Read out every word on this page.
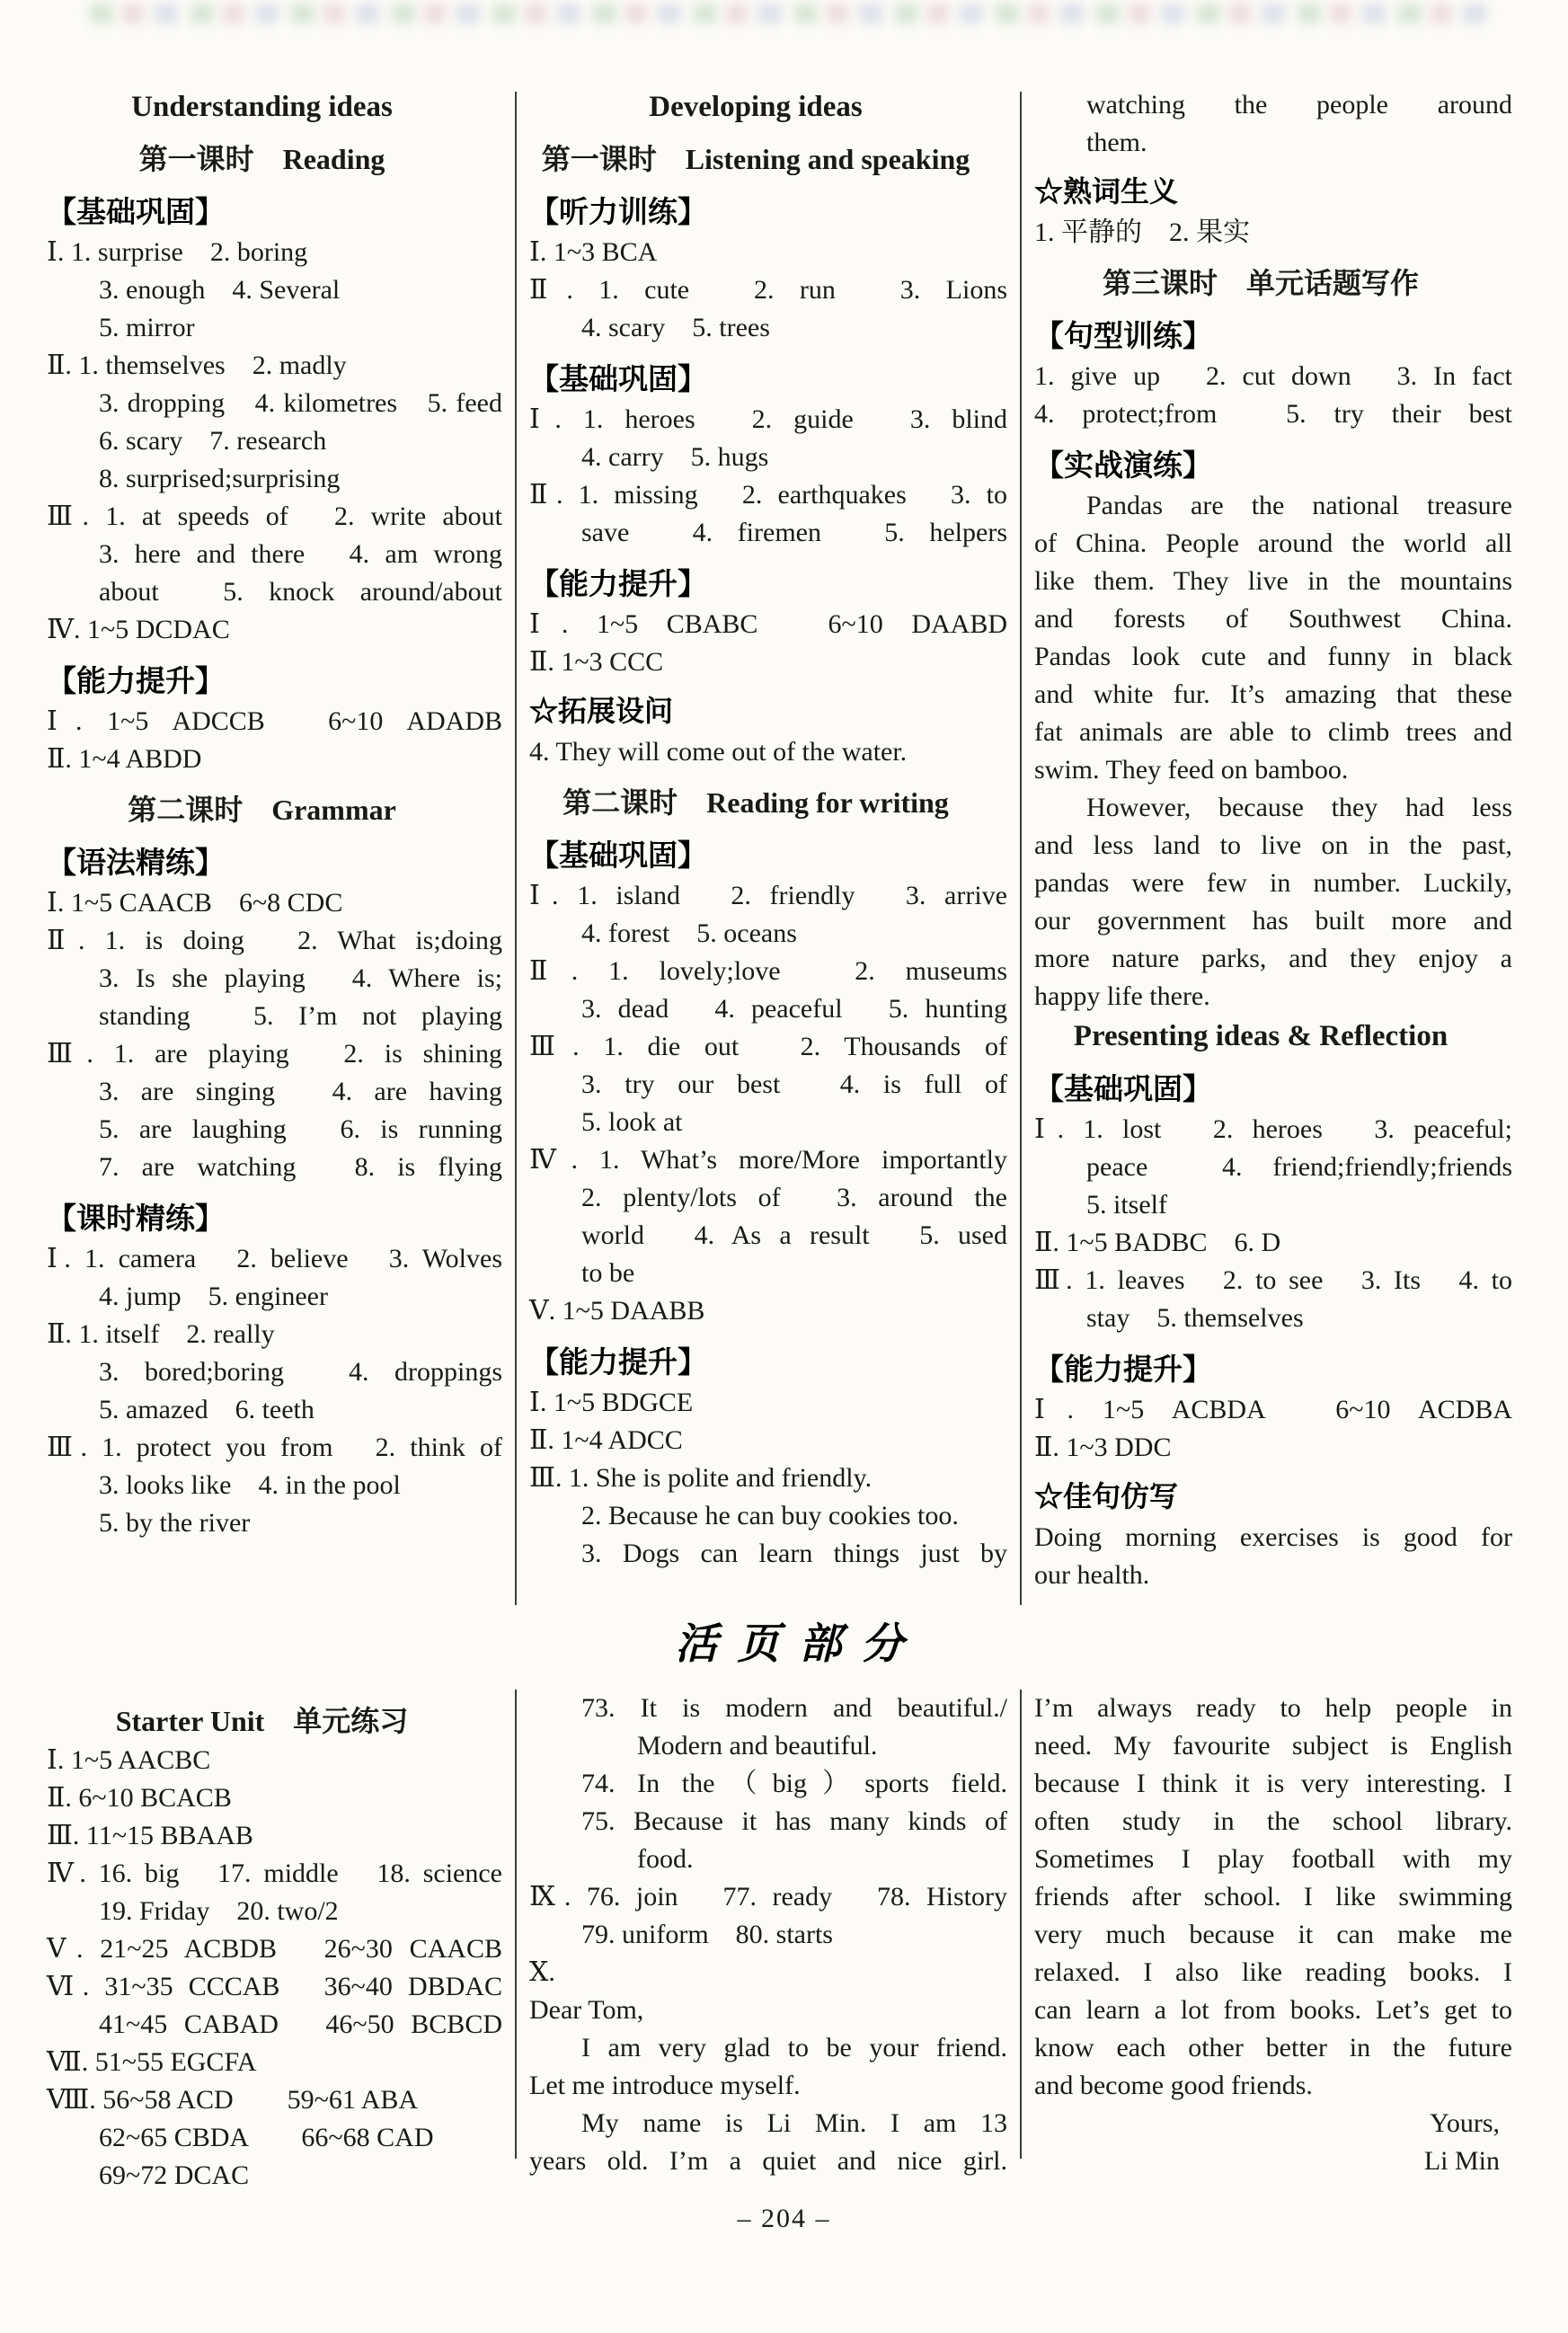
Understanding ideas
第一课时　Reading
【基础巩固】
Ⅰ. 1. surprise　2. boring
3. enough　4. Several
5. mirror
Ⅱ. 1. themselves　2. madly
3. dropping　4. kilometres　5. feed
6. scary　7. research
8. surprised;surprising
Ⅲ. 1. at speeds of　2. write about
3. here and there　4. am wrong
about　5. knock around/about
Ⅳ. 1~5 DCDAC
【能力提升】
Ⅰ. 1~5 ADCCB　6~10 ADADB
Ⅱ. 1~4 ABDD
第二课时　Grammar
【语法精练】
Ⅰ. 1~5 CAACB　6~8 CDC
Ⅱ. 1. is doing　2. What is;doing
3. Is she playing　4. Where is;
standing　5. I’m not playing
Ⅲ. 1. are playing　2. is shining
3. are singing　4. are having
5. are laughing　6. is running
7. are watching　8. is flying
【课时精练】
Ⅰ. 1. camera　2. believe　3. Wolves
4. jump　5. engineer
Ⅱ. 1. itself　2. really
3. bored;boring　4. droppings
5. amazed　6. teeth
Ⅲ. 1. protect you from　2. think of
3. looks like　4. in the pool
5. by the river
Developing ideas
第一课时　Listening and speaking
【听力训练】
Ⅰ. 1~3 BCA
Ⅱ. 1. cute　2. run　3. Lions
4. scary　5. trees
【基础巩固】
Ⅰ. 1. heroes　2. guide　3. blind
4. carry　5. hugs
Ⅱ. 1. missing　2. earthquakes　3. to
save　4. firemen　5. helpers
【能力提升】
Ⅰ. 1~5 CBABC　6~10 DAABD
Ⅱ. 1~3 CCC
☆拓展设问
4. They will come out of the water.
第二课时　Reading for writing
【基础巩固】
Ⅰ. 1. island　2. friendly　3. arrive
4. forest　5. oceans
Ⅱ. 1. lovely;love　2. museums
3. dead　4. peaceful　5. hunting
Ⅲ. 1. die out　2. Thousands of
3. try our best　4. is full of
5. look at
Ⅳ. 1. What’s more/More importantly
2. plenty/lots of　3. around the
world　4. As a result　5. used
to be
Ⅴ. 1~5 DAABB
【能力提升】
Ⅰ. 1~5 BDGCE
Ⅱ. 1~4 ADCC
Ⅲ. 1. She is polite and friendly.
2. Because he can buy cookies too.
3. Dogs can learn things just by
watching the people around
them.
☆熟词生义
1. 平静的　2. 果实
第三课时　单元话题写作
【句型训练】
1. give up　2. cut down　3. In fact
4. protect;from　5. try their best
【实战演练】
Pandas are the national treasure
of China. People around the world all
like them. They live in the mountains
and forests of Southwest China.
Pandas look cute and funny in black
and white fur. It’s amazing that these
fat animals are able to climb trees and
swim. They feed on bamboo.
However, because they had less
and less land to live on in the past,
pandas were few in number. Luckily,
our government has built more and
more nature parks, and they enjoy a
happy life there.
Presenting ideas & Reflection
【基础巩固】
Ⅰ. 1. lost　2. heroes　3. peaceful;
peace　4. friend;friendly;friends
5. itself
Ⅱ. 1~5 BADBC　6. D
Ⅲ. 1. leaves　2. to see　3. Its　4. to
stay　5. themselves
【能力提升】
Ⅰ. 1~5 ACBDA　6~10 ACDBA
Ⅱ. 1~3 DDC
☆佳句仿写
Doing morning exercises is good for
our health.
活页部分
Starter Unit　单元练习
Ⅰ. 1~5 AACBC
Ⅱ. 6~10 BCACB
Ⅲ. 11~15 BBAAB
Ⅳ. 16. big　17. middle　18. science
19. Friday　20. two/2
Ⅴ. 21~25 ACBDB　26~30 CAACB
Ⅵ. 31~35 CCCAB　36~40 DBDAC
41~45 CABAD　46~50 BCBCD
Ⅶ. 51~55 EGCFA
Ⅷ. 56~58 ACD　　59~61 ABA
62~65 CBDA　　66~68 CAD
69~72 DCAC
73. It is modern and beautiful./
Modern and beautiful.
74. In the（big）sports field.
75. Because it has many kinds of
food.
Ⅸ. 76. join　77. ready　78. History
79. uniform　80. starts
Ⅹ.
Dear Tom,
I am very glad to be your friend.
Let me introduce myself.
My name is Li Min. I am 13
years old. I’m a quiet and nice girl.
I’m always ready to help people in
need. My favourite subject is English
because I think it is very interesting. I
often study in the school library.
Sometimes I play football with my
friends after school. I like swimming
very much because it can make me
relaxed. I also like reading books. I
can learn a lot from books. Let’s get to
know each other better in the future
and become good friends.
Yours,
Li Min
– 204 –
